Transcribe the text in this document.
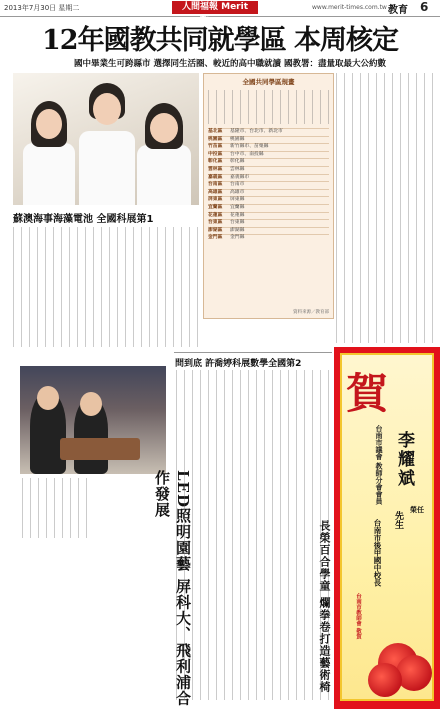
2013年7月30日 星期二	人間福報 Merit Times
www.merit-times.com.tw 教育 6
12年國教共同就學區 本周核定
國中畢業生可跨縣市 選擇同生活圈、較近的高中職就讀 國教署：盡量取最大公約數
蘇澳海事海藻電池 全國科展第1
全國共同學區規畫
基北區	基隆市、台北市、新北市
桃園區	桃園縣
竹苗區	新竹縣市、苗栗縣
中投區	台中市、南投縣
彰化區	彰化縣
雲林區	雲林縣
嘉義區	嘉義縣市
台南區	台南市
高雄區	高雄市
屏東區	屏東縣
宜蘭區	宜蘭縣
花蓮區	花蓮縣
台東區	台東縣
澎湖區	澎湖縣
金門區	金門縣
資料來源／教育部
問到底 許喬婷科展數學全國第2
LED照明園藝 屏科大、飛利浦合作發展
長榮百合學童 爛拳卷打造藝術椅
賀
台南市議會 教師分會會員 李耀斌
先生
榮任
台南市後甲國中校長
台南市教師會 敬賀
